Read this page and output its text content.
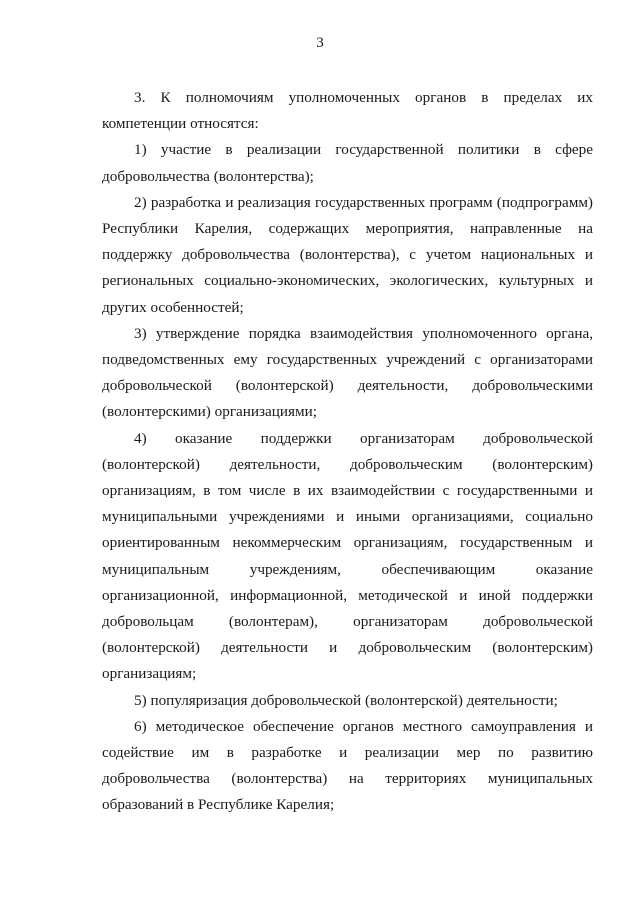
3

3. К полномочиям уполномоченных органов в пределах их компетенции относятся:

1) участие в реализации государственной политики в сфере добровольчества (волонтерства);

2) разработка и реализация государственных программ (подпрограмм) Республики Карелия, содержащих мероприятия, направленные на поддержку добровольчества (волонтерства), с учетом национальных и региональных социально-экономических, экологических, культурных и других особенностей;

3) утверждение порядка взаимодействия уполномоченного органа, подведомственных ему государственных учреждений с организаторами добровольческой (волонтерской) деятельности, добровольческими (волонтерскими) организациями;

4) оказание поддержки организаторам добровольческой (волонтерской) деятельности, добровольческим (волонтерским) организациям, в том числе в их взаимодействии с государственными и муниципальными учреждениями и иными организациями, социально ориентированным некоммерческим организациям, государственным и муниципальным учреждениям, обеспечивающим оказание организационной, информационной, методической и иной поддержки добровольцам (волонтерам), организаторам добровольческой (волонтерской) деятельности и добровольческим (волонтерским) организациям;

5) популяризация добровольческой (волонтерской) деятельности;

6) методическое обеспечение органов местного самоуправления и содействие им в разработке и реализации мер по развитию добровольчества (волонтерства) на территориях муниципальных образований в Республике Карелия;
